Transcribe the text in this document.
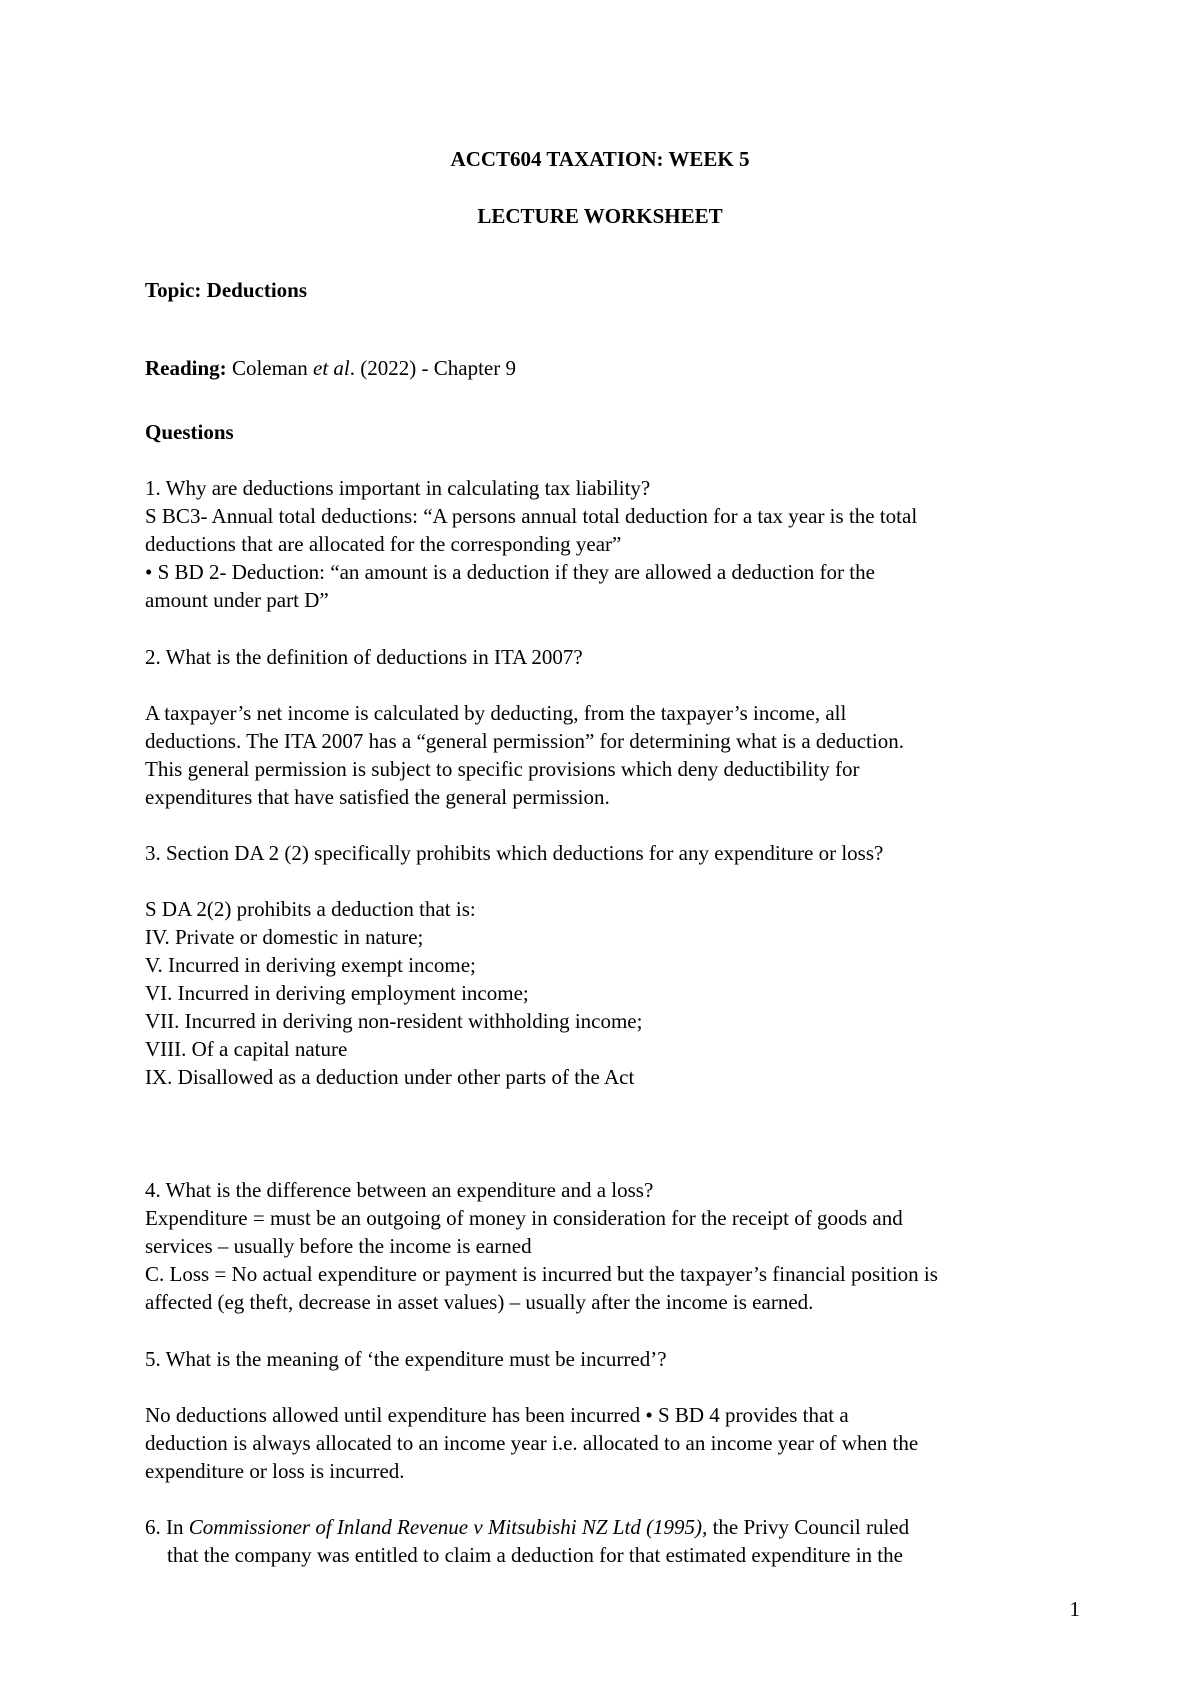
ACCT604 TAXATION: WEEK 5
LECTURE WORKSHEET
Topic: Deductions
Reading: Coleman et al. (2022) - Chapter 9
Questions
1. Why are deductions important in calculating tax liability?
S BC3- Annual total deductions: “A persons annual total deduction for a tax year is the total
deductions that are allocated for the corresponding year”
• S BD 2- Deduction: “an amount is a deduction if they are allowed a deduction for the
amount under part D”
2. What is the definition of deductions in ITA 2007?
A taxpayer’s net income is calculated by deducting, from the taxpayer’s income, all
deductions. The ITA 2007 has a “general permission” for determining what is a deduction.
This general permission is subject to specific provisions which deny deductibility for
expenditures that have satisfied the general permission.
3. Section DA 2 (2) specifically prohibits which deductions for any expenditure or loss?
S DA 2(2) prohibits a deduction that is:
IV. Private or domestic in nature;
V. Incurred in deriving exempt income;
VI. Incurred in deriving employment income;
VII. Incurred in deriving non-resident withholding income;
VIII. Of a capital nature
IX. Disallowed as a deduction under other parts of the Act
4. What is the difference between an expenditure and a loss?
Expenditure = must be an outgoing of money in consideration for the receipt of goods and
services – usually before the income is earned
C. Loss = No actual expenditure or payment is incurred but the taxpayer’s financial position is
affected (eg theft, decrease in asset values) – usually after the income is earned.
5. What is the meaning of ‘the expenditure must be incurred’?
No deductions allowed until expenditure has been incurred • S BD 4 provides that a
deduction is always allocated to an income year i.e. allocated to an income year of when the
expenditure or loss is incurred.
6. In Commissioner of Inland Revenue v Mitsubishi NZ Ltd (1995), the Privy Council ruled
that the company was entitled to claim a deduction for that estimated expenditure in the
1
